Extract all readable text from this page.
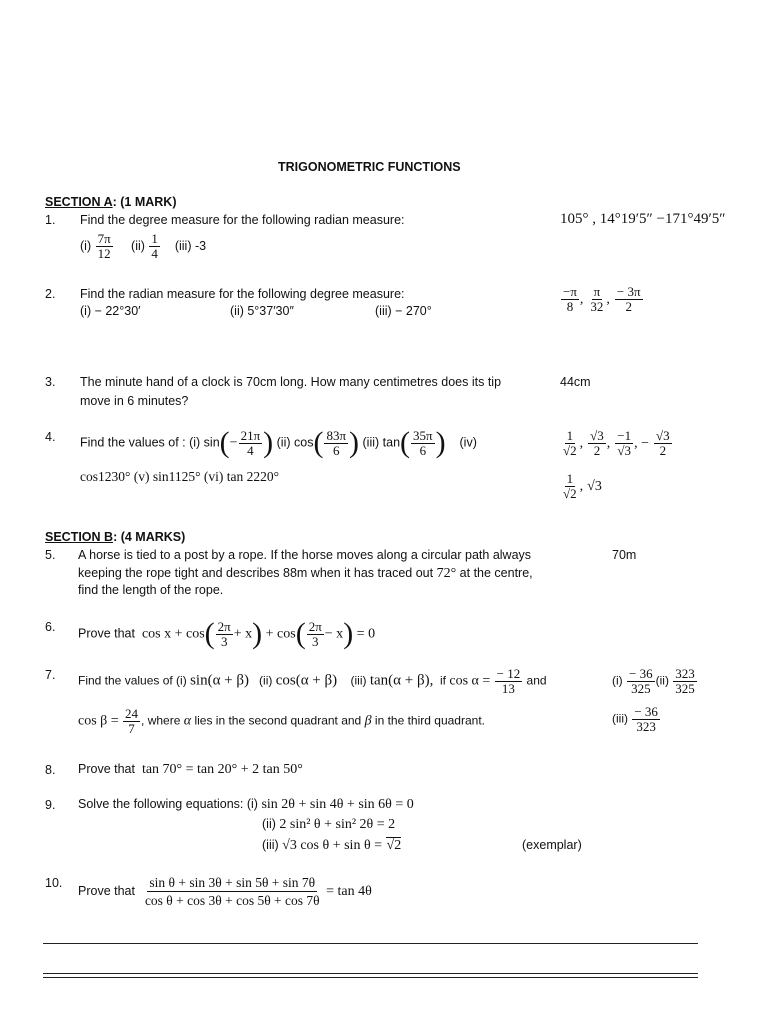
TRIGONOMETRIC FUNCTIONS
SECTION A: (1 MARK)
1. Find the degree measure for the following radian measure:
$(i) \frac{7\pi}{12} (ii) \frac{1}{4} (iii)$ -3
105° , 14°19′5″ −171°49′5″
2. Find the radian measure for the following degree measure:
(i) − 22°30′	(ii) 5°37′30″	(iii) − 270°	$\frac{-\pi}{8}$ , $\frac{\pi}{32}$ , $\frac{- 3\pi}{2}$
3. The minute hand of a clock is 70cm long. How many centimetres does its tip
move in 6 minutes?
44cm
4. Find the values of : (i) $\sin(- \frac{21\pi}{4}$ ) (ii) $\cos( \frac{83\pi}{6}$ ) (iii) $\tan( \frac{35\pi}{6}$ ) (iv)
cos1230° (v) sin1125° (vi) tan 2220°
$\frac{1}{√2}$ , $\frac{√3}{2}$ , $\frac{-1}{√3}$ , − $\frac{√3}{2}$
$\frac{1}{√2}$ , √3
SECTION B: (4 MARKS)
5. A horse is tied to a post by a rope. If the horse moves along a circular path always
keeping the rope tight and describes 88m when it has traced out 72° at the centre,
find the length of the rope.
70m
6. Prove that $\cos x + \cos( \frac{2\pi}{3} + x) + \cos( \frac{2\pi}{3} - x) = 0$
7. Find the values of (i) sin(α + β) (ii) cos(α + β) (iii) tan(α + β), if $\cos \alpha = \frac{- 12}{13}$ and
$\cos \beta = \frac{24}{7}$ , where α lies in the second quadrant and β in the third quadrant.
$(i) \frac{- 36}{325} (ii) \frac{323}{325}$
$(iii) \frac{- 36}{323}$
8. Prove that tan 70° = tan 20° + 2 tan 50°
9. Solve the following equations: (i) sin 2θ + sin 4θ + sin 6θ = 0
(ii) 2 sin² θ + sin² 2θ = 2
(iii) √3 cos θ + sin θ = √2	(exemplar)
10.
Prove that $\frac{\text{sin θ + sin 3θ + sin 5θ + sin 7θ}}{\text{cos θ + cos 3θ + cos 5θ + cos 7θ}} = \tan 4\theta$
